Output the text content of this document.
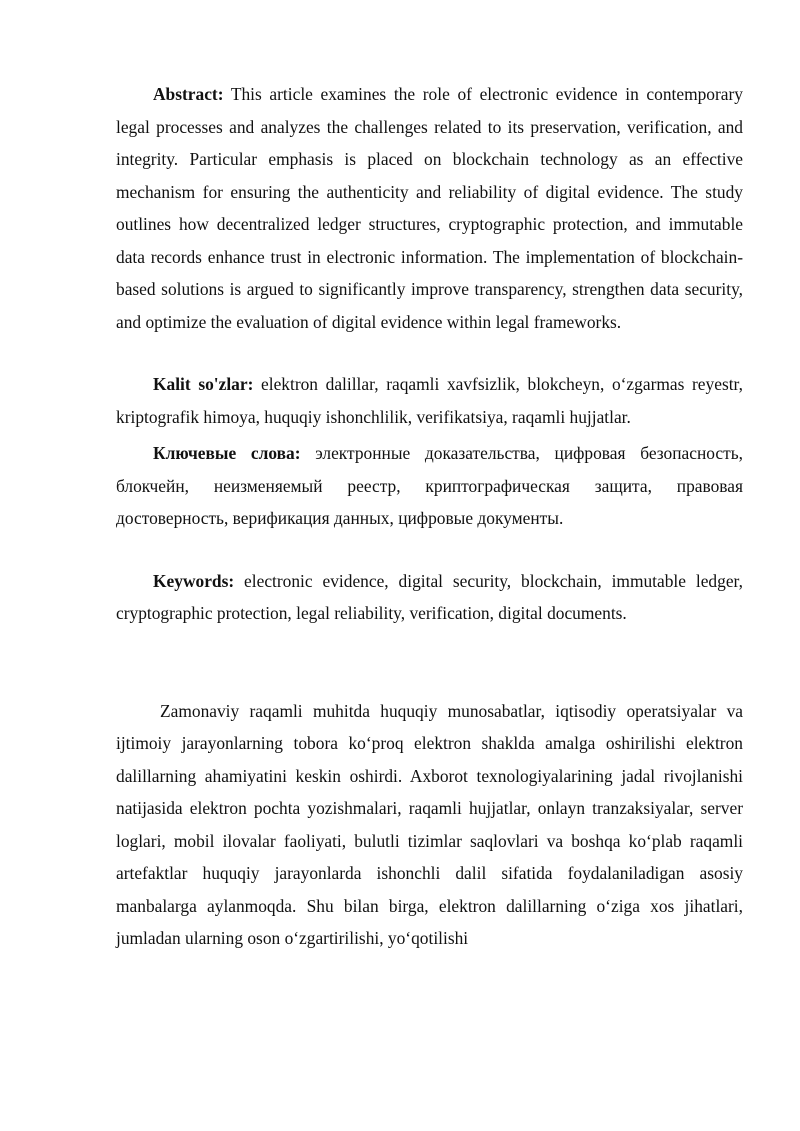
Abstract: This article examines the role of electronic evidence in contemporary legal processes and analyzes the challenges related to its preservation, verification, and integrity. Particular emphasis is placed on blockchain technology as an effective mechanism for ensuring the authenticity and reliability of digital evidence. The study outlines how decentralized ledger structures, cryptographic protection, and immutable data records enhance trust in electronic information. The implementation of blockchain-based solutions is argued to significantly improve transparency, strengthen data security, and optimize the evaluation of digital evidence within legal frameworks.

Kalit so'zlar: elektron dalillar, raqamli xavfsizlik, blokcheyn, o‘zgarmas reyestr, kriptografik himoya, huquqiy ishonchlilik, verifikatsiya, raqamli hujjatlar.

Ключевые слова: электронные доказательства, цифровая безопасность, блокчейн, неизменяемый реестр, криптографическая защита, правовая достоверность, верификация данных, цифровые документы.

Keywords: electronic evidence, digital security, blockchain, immutable ledger, cryptographic protection, legal reliability, verification, digital documents.

Zamonaviy raqamli muhitda huquqiy munosabatlar, iqtisodiy operatsiyalar va ijtimoiy jarayonlarning tobora ko‘proq elektron shaklda amalga oshirilishi elektron dalillarning ahamiyatini keskin oshirdi. Axborot texnologiyalarining jadal rivojlanishi natijasida elektron pochta yozishmalari, raqamli hujjatlar, onlayn tranzaksiyalar, server loglari, mobil ilovalar faoliyati, bulutli tizimlar saqlovlari va boshqa ko‘plab raqamli artefaktlar huquqiy jarayonlarda ishonchli dalil sifatida foydalaniladigan asosiy manbalarga aylanmoqda. Shu bilan birga, elektron dalillarning o‘ziga xos jihatlari, jumladan ularning oson o‘zgartirilishi, yo‘qotilishi
